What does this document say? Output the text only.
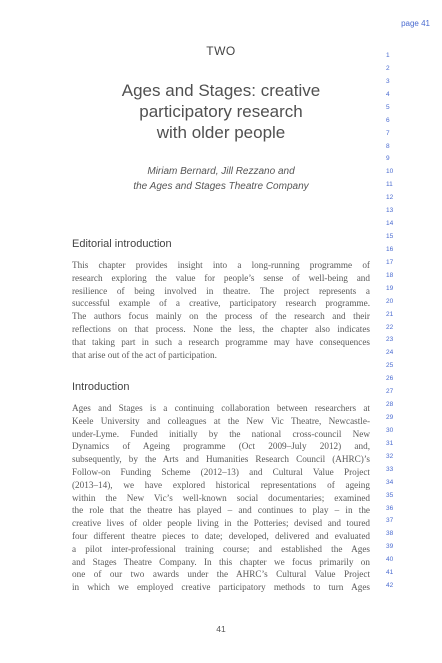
page 41
TWO
Ages and Stages: creative
participatory research
with older people
Miriam Bernard, Jill Rezzano and
the Ages and Stages Theatre Company
Editorial introduction
This chapter provides insight into a long-running programme of
research exploring the value for people’s sense of well-being and
resilience of being involved in theatre. The project represents a
successful example of a creative, participatory research programme.
The authors focus mainly on the process of the research and their
reflections on that process. None the less, the chapter also indicates
that taking part in such a research programme may have consequences
that arise out of the act of participation.
Introduction
Ages and Stages is a continuing collaboration between researchers at
Keele University and colleagues at the New Vic Theatre, Newcastle-
under-Lyme. Funded initially by the national cross-council New
Dynamics of Ageing programme (Oct 2009–July 2012) and,
subsequently, by the Arts and Humanities Research Council (AHRC)’s
Follow-on Funding Scheme (2012–13) and Cultural Value Project
(2013–14), we have explored historical representations of ageing
within the New Vic’s well-known social documentaries; examined
the role that the theatre has played – and continues to play – in the
creative lives of older people living in the Potteries; devised and toured
four different theatre pieces to date; developed, delivered and evaluated
a pilot inter-professional training course; and established the Ages
and Stages Theatre Company. In this chapter we focus primarily on
one of our two awards under the AHRC’s Cultural Value Project
in which we employed creative participatory methods to turn Ages
1
2
3
4
5
6
7
8
9
10
11
12
13
14
15
16
17
18
19
20
21
22
23
24
25
26
27
28
29
30
31
32
33
34
35
36
37
38
39
40
41
42
41
